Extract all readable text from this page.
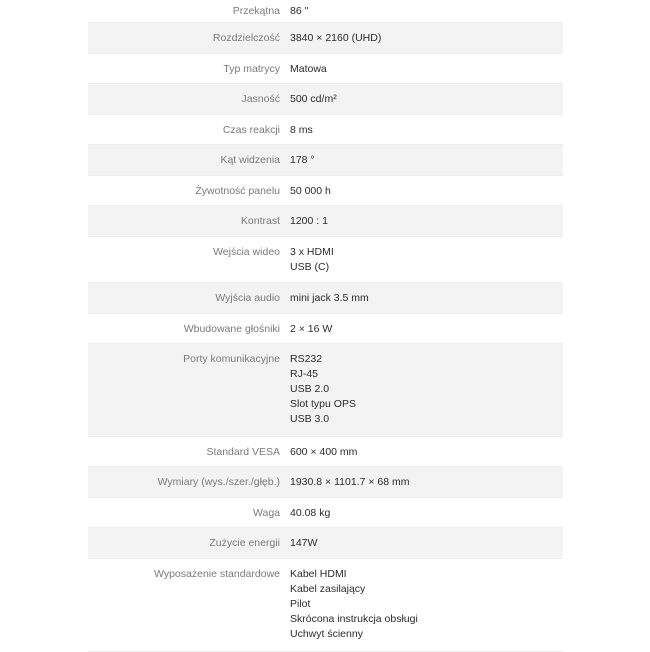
Przekątna	86 "

Rozdzielczość	3840 × 2160 (UHD)

Typ matrycy	Matowa

Jasność	500 cd/m²

Czas reakcji	8 ms

Kąt widzenia	178 °

Żywotność panelu	50 000 h

Kontrast	1200 : 1

Wejścia wideo	3 x HDMI
USB (C)

Wyjścia audio	mini jack 3.5 mm

Wbudowane głośniki	2 × 16 W

Porty komunikacyjne	RS232
RJ-45
USB 2.0
Slot typu OPS
USB 3.0

Standard VESA	600 × 400 mm

Wymiary (wys./szer./głęb.)	1930.8 × 1101.7 × 68 mm

Waga	40.08 kg

Zużycie energii	147W

Wyposażenie standardowe	Kabel HDMI
Kabel zasilający
Pilot
Skrócona instrukcja obsługi
Uchwyt ścienny
